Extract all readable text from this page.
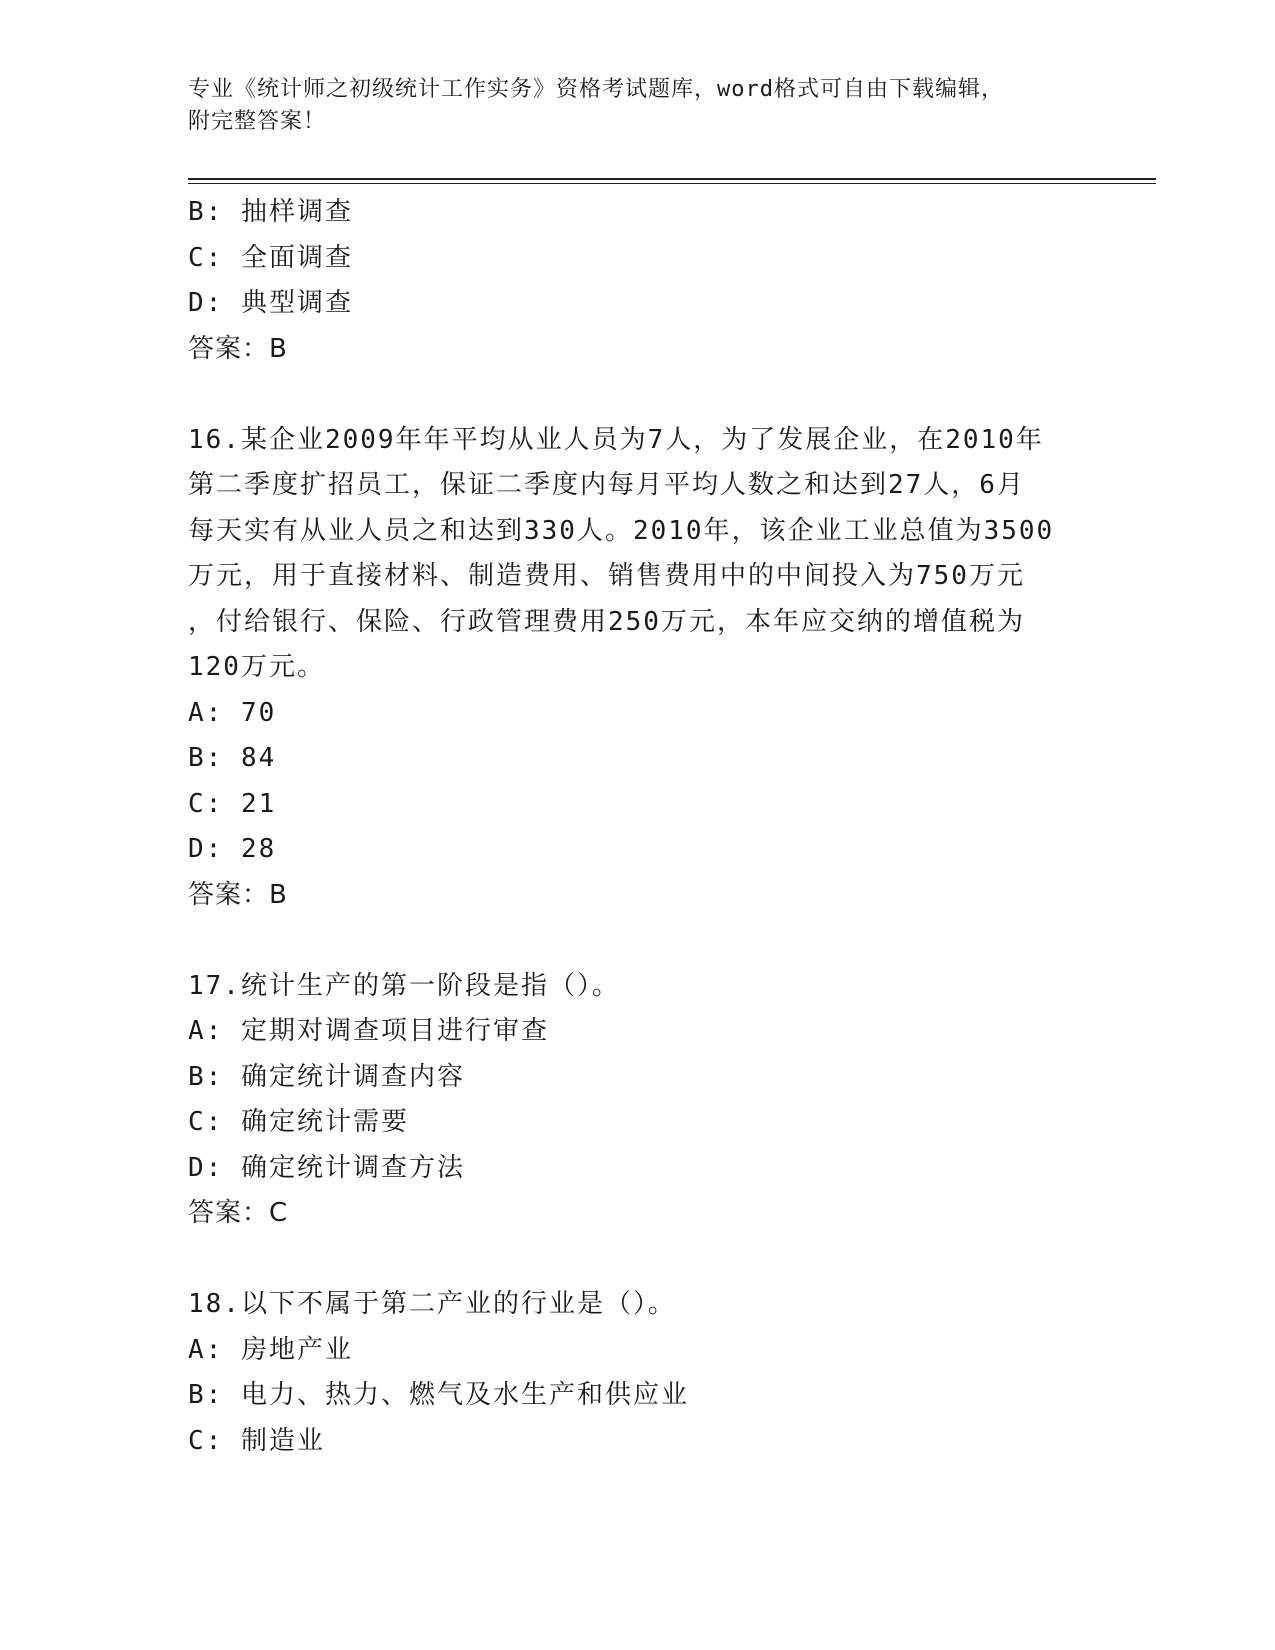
专业《统计师之初级统计工作实务》资格考试题库，word格式可自由下载编辑，
附完整答案！
B: 抽样调查
C: 全面调查
D: 典型调查
答案：B
16.某企业2009年年平均从业人员为7人，为了发展企业，在2010年
第二季度扩招员工，保证二季度内每月平均人数之和达到27人，6月
每天实有从业人员之和达到330人。2010年，该企业工业总值为3500
万元，用于直接材料、制造费用、销售费用中的中间投入为750万元
，付给银行、保险、行政管理费用250万元，本年应交纳的增值税为
120万元。
A: 70
B: 84
C: 21
D: 28
答案：B
17.统计生产的第一阶段是指（）。
A: 定期对调查项目进行审查
B: 确定统计调查内容
C: 确定统计需要
D: 确定统计调查方法
答案：C
18.以下不属于第二产业的行业是（）。
A: 房地产业
B: 电力、热力、燃气及水生产和供应业
C: 制造业
